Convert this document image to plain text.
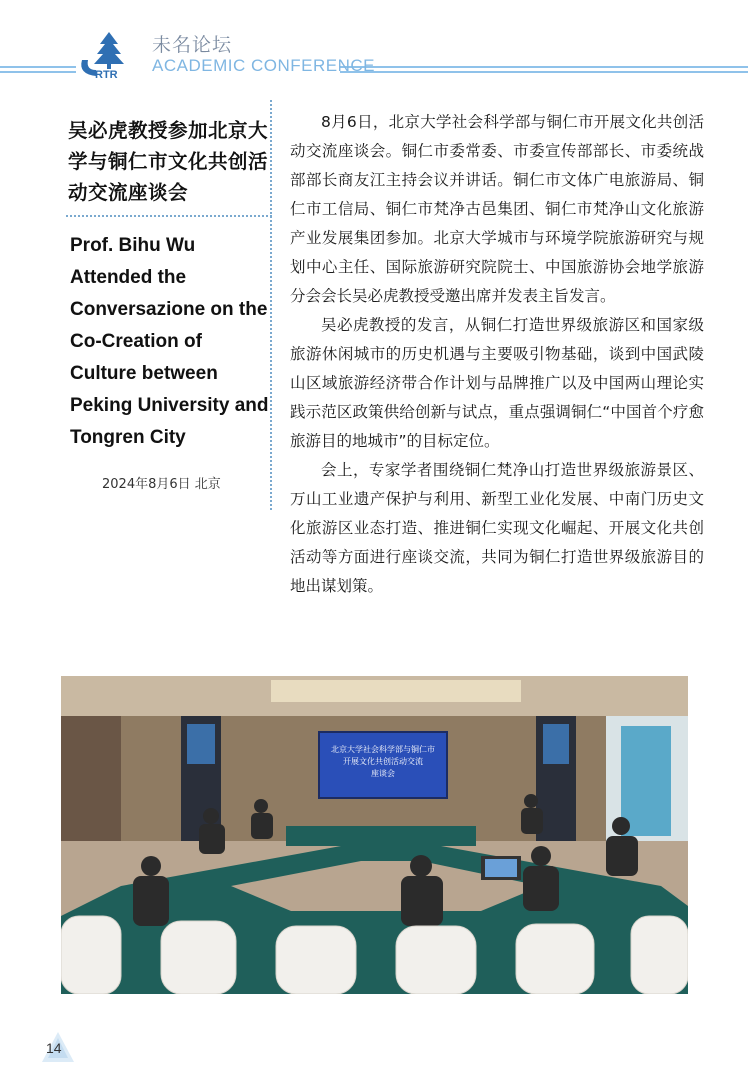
RTR
未名论坛
ACADEMIC CONFERENCE
吴必虎教授参加北京大学与铜仁市文化共创活动交流座谈会
Prof. Bihu Wu Attended the Conversazione on the Co-Creation of Culture between Peking University and Tongren City
2024年8月6日 北京

8月6日，北京大学社会科学部与铜仁市开展文化共创活动交流座谈会。铜仁市委常委、市委宣传部部长、市委统战部部长商友江主持会议并讲话。铜仁市文体广电旅游局、铜仁市工信局、铜仁市梵净古邑集团、铜仁市梵净山文化旅游产业发展集团参加。北京大学城市与环境学院旅游研究与规划中心主任、国际旅游研究院院士、中国旅游协会地学旅游分会会长吴必虎教授受邀出席并发表主旨发言。

吴必虎教授的发言，从铜仁打造世界级旅游区和国家级旅游休闲城市的历史机遇与主要吸引物基础，谈到中国武陵山区域旅游经济带合作计划与品牌推广以及中国两山理论实践示范区政策供给创新与试点，重点强调铜仁“中国首个疗愈旅游目的地城市”的目标定位。

会上，专家学者围绕铜仁梵净山打造世界级旅游景区、万山工业遗产保护与利用、新型工业化发展、中南门历史文化旅游区业态打造、推进铜仁实现文化崛起、开展文化共创活动等方面进行座谈交流，共同为铜仁打造世界级旅游目的地出谋划策。

北京大学社会科学部与铜仁市
开展文化共创活动交流
座谈会
14
